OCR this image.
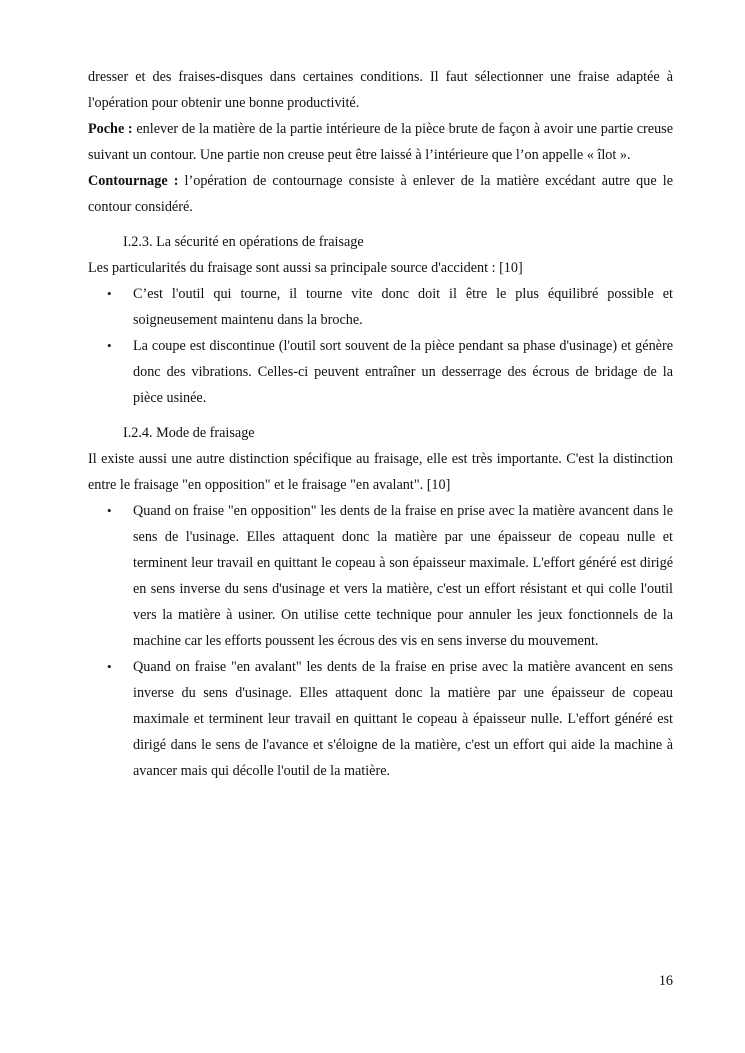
dresser et des fraises-disques dans certaines conditions. Il faut sélectionner une fraise adaptée à l'opération pour obtenir une bonne productivité.

Poche : enlever de la matière de la partie intérieure de la pièce brute de façon à avoir une partie creuse suivant un contour. Une partie non creuse peut être laissé à l’intérieure que l’on appelle « îlot ».

Contournage : l’opération de contournage consiste à enlever de la matière excédant autre que le contour considéré.

I.2.3. La sécurité en opérations de fraisage

Les particularités du fraisage sont aussi sa principale source d'accident : [10]

• C’est l'outil qui tourne, il tourne vite donc doit il être le plus équilibré possible et soigneusement maintenu dans la broche.
• La coupe est discontinue (l'outil sort souvent de la pièce pendant sa phase d'usinage) et génère donc des vibrations. Celles-ci peuvent entraîner un desserrage des écrous de bridage de la pièce usinée.

I.2.4. Mode de fraisage

Il existe aussi une autre distinction spécifique au fraisage, elle est très importante. C'est la distinction entre le fraisage "en opposition" et le fraisage "en avalant". [10]

• Quand on fraise "en opposition" les dents de la fraise en prise avec la matière avancent dans le sens de l'usinage. Elles attaquent donc la matière par une épaisseur de copeau nulle et terminent leur travail en quittant le copeau à son épaisseur maximale. L'effort généré est dirigé en sens inverse du sens d'usinage et vers la matière, c'est un effort résistant et qui colle l'outil vers la matière à usiner. On utilise cette technique pour annuler les jeux fonctionnels de la machine car les efforts poussent les écrous des vis en sens inverse du mouvement.
• Quand on fraise "en avalant" les dents de la fraise en prise avec la matière avancent en sens inverse du sens d'usinage. Elles attaquent donc la matière par une épaisseur de copeau maximale et terminent leur travail en quittant le copeau à épaisseur nulle. L'effort généré est dirigé dans le sens de l'avance et s'éloigne de la matière, c'est un effort qui aide la machine à avancer mais qui décolle l'outil de la matière.
16
